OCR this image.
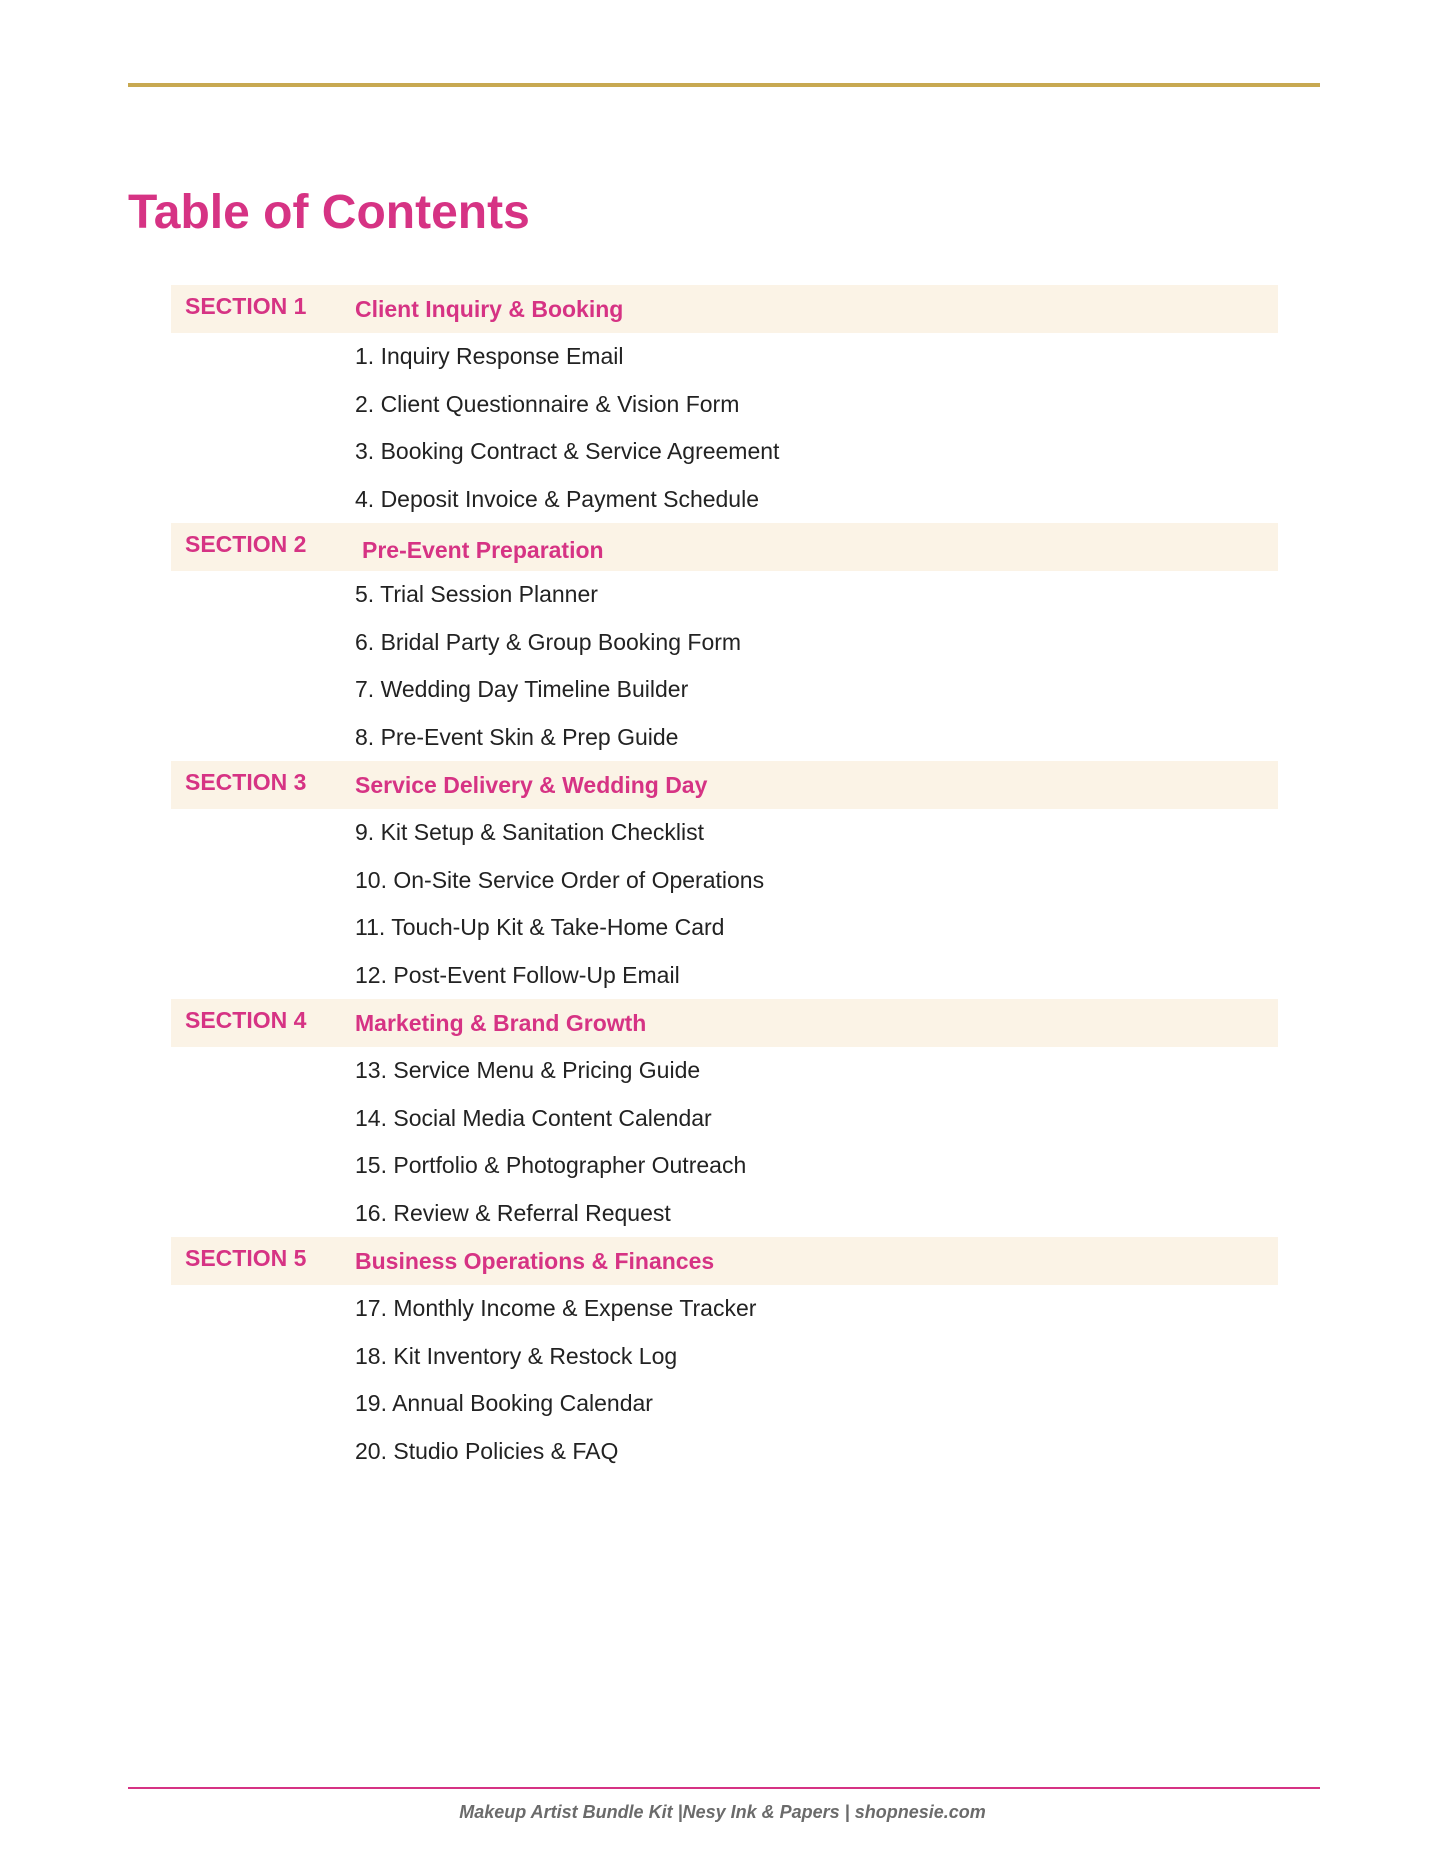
Table of Contents
SECTION 1 Client Inquiry & Booking
1. Inquiry Response Email
2. Client Questionnaire & Vision Form
3. Booking Contract & Service Agreement
4. Deposit Invoice & Payment Schedule
SECTION 2 Pre-Event Preparation
5. Trial Session Planner
6. Bridal Party & Group Booking Form
7. Wedding Day Timeline Builder
8. Pre-Event Skin & Prep Guide
SECTION 3 Service Delivery & Wedding Day
9. Kit Setup & Sanitation Checklist
10. On-Site Service Order of Operations
11. Touch-Up Kit & Take-Home Card
12. Post-Event Follow-Up Email
SECTION 4 Marketing & Brand Growth
13. Service Menu & Pricing Guide
14. Social Media Content Calendar
15. Portfolio & Photographer Outreach
16. Review & Referral Request
SECTION 5 Business Operations & Finances
17. Monthly Income & Expense Tracker
18. Kit Inventory & Restock Log
19. Annual Booking Calendar
20. Studio Policies & FAQ
Makeup Artist Bundle Kit |Nesy Ink & Papers | shopnesie.com
